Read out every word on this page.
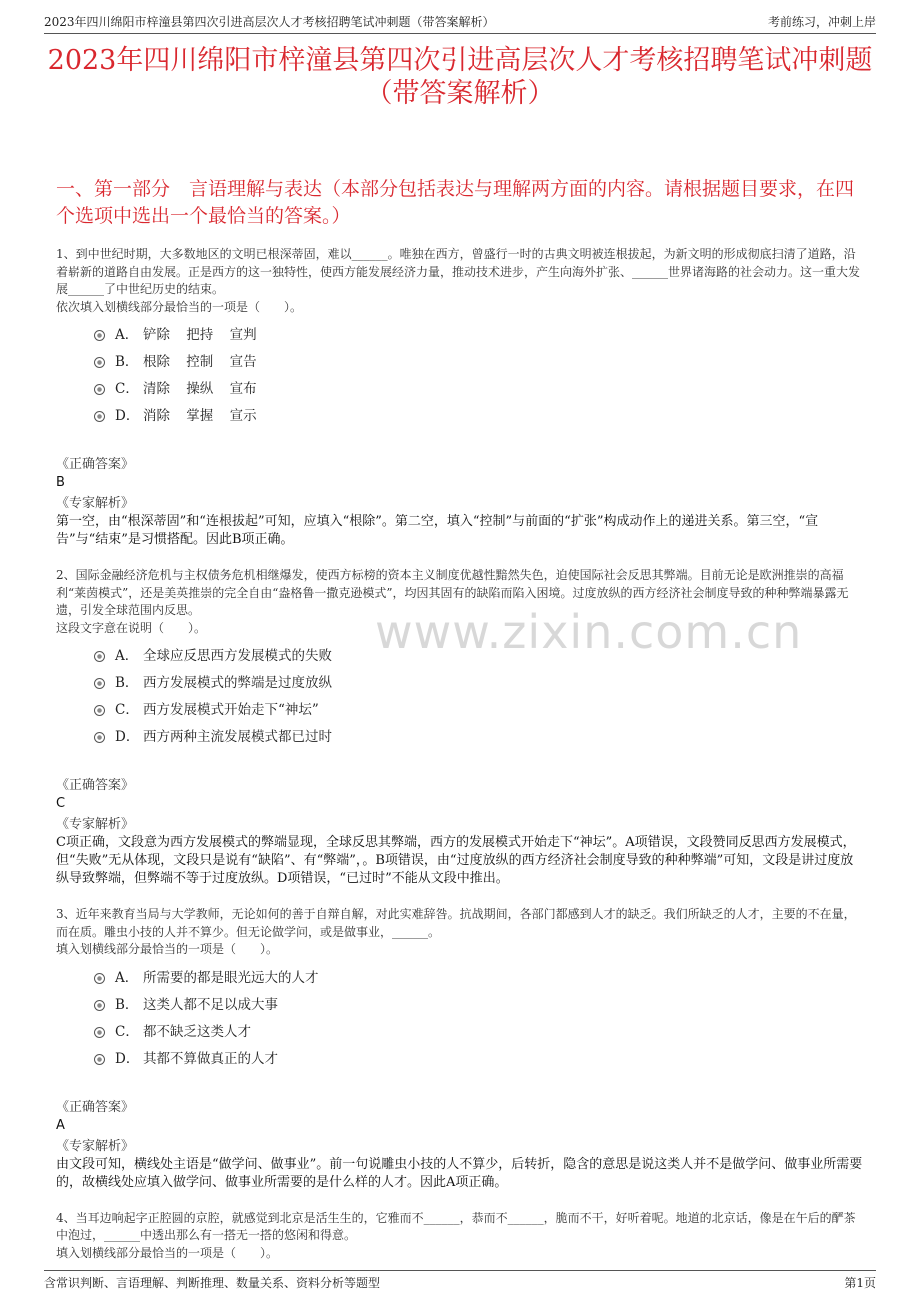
2023年四川绵阳市梓潼县第四次引进高层次人才考核招聘笔试冲刺题（带答案解析）	考前练习，冲刺上岸
2023年四川绵阳市梓潼县第四次引进高层次人才考核招聘笔试冲刺题（带答案解析）
一、第一部分　言语理解与表达（本部分包括表达与理解两方面的内容。请根据题目要求，在四个选项中选出一个最恰当的答案。）
www.zixin.com.cn

1、到中世纪时期，大多数地区的文明已根深蒂固，难以______。唯独在西方，曾盛行一时的古典文明被连根拔起，为新文明的形成彻底扫清了道路，沿着崭新的道路自由发展。正是西方的这一独特性，使西方能发展经济力量，推动技术进步，产生向海外扩张、______世界诸海路的社会动力。这一重大发展______了中世纪历史的结束。

依次填入划横线部分最恰当的一项是（　　）。

A． 铲除 把持 宣判
B． 根除 控制 宣告
C． 清除 操纵 宣布
D． 消除 掌握 宣示

《正确答案》

B

《专家解析》

第一空，由“根深蒂固”和“连根拔起”可知，应填入“根除”。第二空，填入“控制”与前面的“扩张”构成动作上的递进关系。第三空，“宣告”与“结束”是习惯搭配。因此B项正确。

2、国际金融经济危机与主权债务危机相继爆发，使西方标榜的资本主义制度优越性黯然失色，迫使国际社会反思其弊端。目前无论是欧洲推崇的高福利“莱茵模式”，还是美英推崇的完全自由“盎格鲁一撒克逊模式”，均因其固有的缺陷而陷入困境。过度放纵的西方经济社会制度导致的种种弊端暴露无遗，引发全球范围内反思。

这段文字意在说明（　　）。

A． 全球应反思西方发展模式的失败
B． 西方发展模式的弊端是过度放纵
C． 西方发展模式开始走下“神坛”
D． 西方两种主流发展模式都已过时

《正确答案》

C

《专家解析》

C项正确，文段意为西方发展模式的弊端显现，全球反思其弊端，西方的发展模式开始走下“神坛”。A项错误，文段赞同反思西方发展模式，但“失败”无从体现，文段只是说有“缺陷”、有“弊端”，。B项错误，由“过度放纵的西方经济社会制度导致的种种弊端”可知，文段是讲过度放纵导致弊端，但弊端不等于过度放纵。D项错误，“已过时”不能从文段中推出。

3、近年来教育当局与大学教师，无论如何的善于自辩自解，对此实难辞咎。抗战期间，各部门都感到人才的缺乏。我们所缺乏的人才，主要的不在量，而在质。雕虫小技的人并不算少。但无论做学问，或是做事业，______。

填入划横线部分最恰当的一项是（　　）。

A． 所需要的都是眼光远大的人才
B． 这类人都不足以成大事
C． 都不缺乏这类人才
D． 其都不算做真正的人才

《正确答案》

A

《专家解析》

由文段可知，横线处主语是“做学问、做事业”。前一句说雕虫小技的人不算少，后转折，隐含的意思是说这类人并不是做学问、做事业所需要的，故横线处应填入做学问、做事业所需要的是什么样的人才。因此A项正确。

4、当耳边响起字正腔圆的京腔，就感觉到北京是活生生的，它雅而不______，恭而不______，脆而不干，好听着呢。地道的北京话，像是在午后的酽茶中泡过，______中透出那么有一搭无一搭的悠闲和得意。

填入划横线部分最恰当的一项是（　　）。

含常识判断、言语理解、判断推理、数量关系、资料分析等题型	第1页
